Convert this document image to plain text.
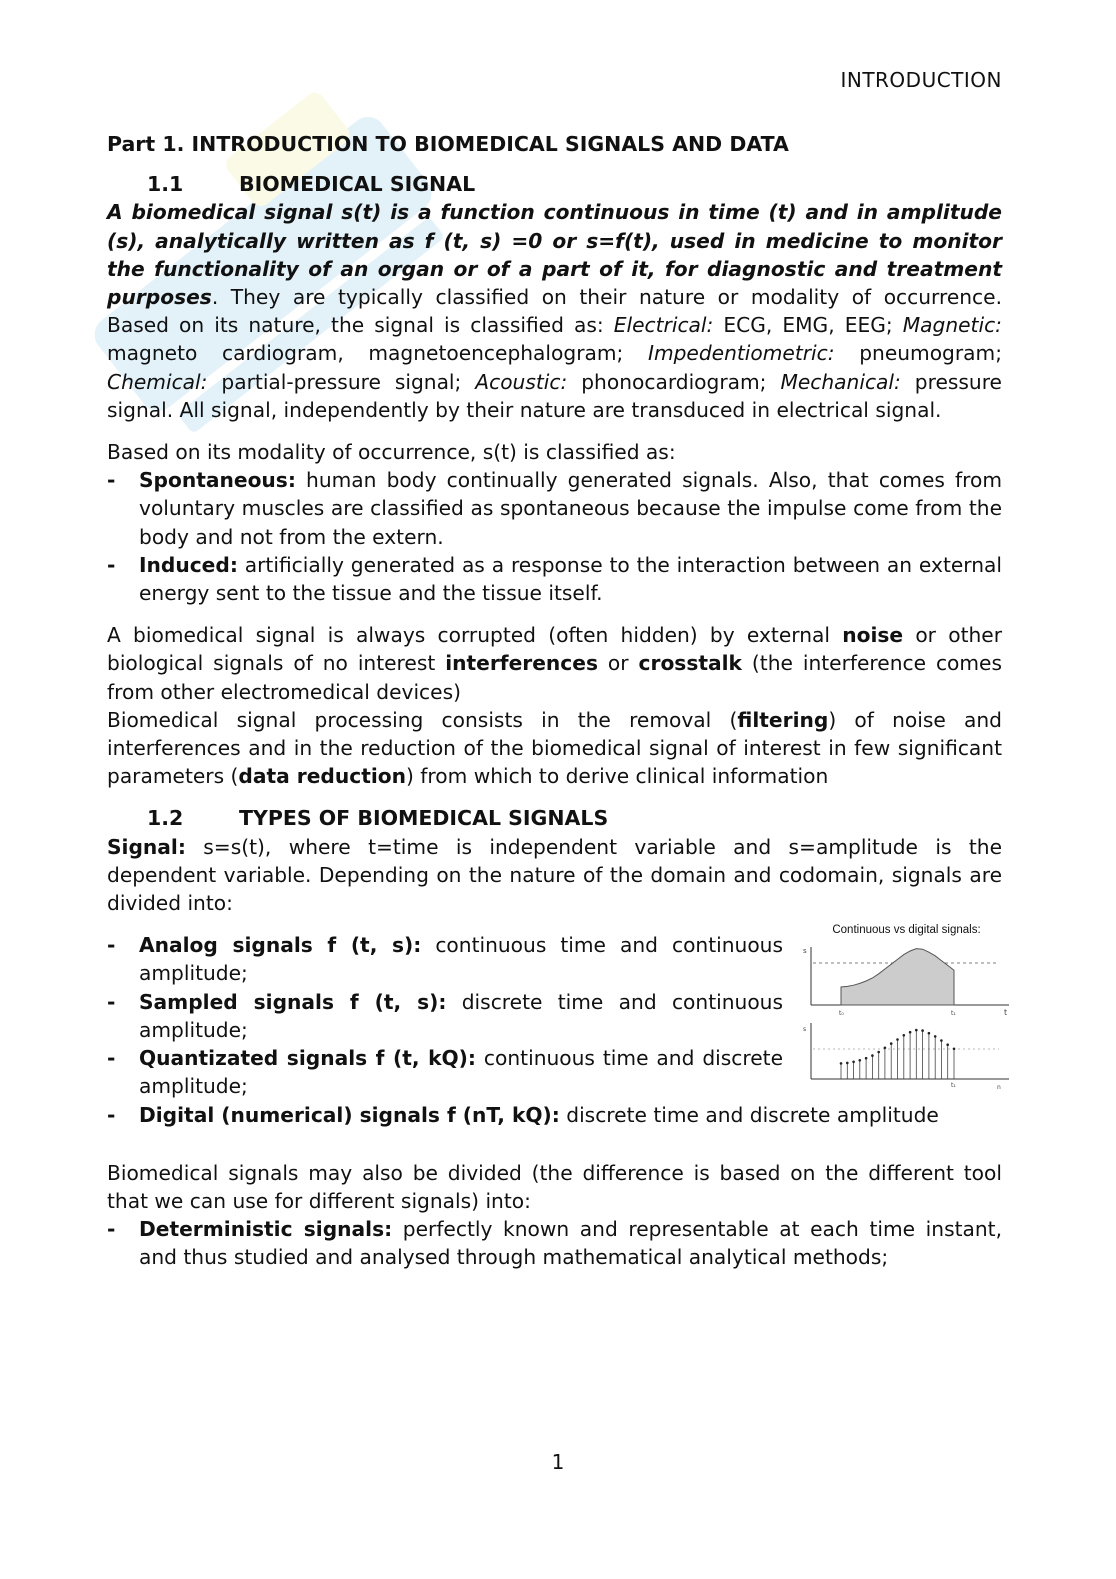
INTRODUCTION
Part 1. INTRODUCTION TO BIOMEDICAL SIGNALS AND DATA
1.1	BIOMEDICAL SIGNAL

A biomedical signal s(t) is a function continuous in time (t) and in amplitude (s), analytically written as f (t, s) =0 or s=f(t), used in medicine to monitor the functionality of an organ or of a part of it, for diagnostic and treatment purposes. They are typically classified on their nature or modality of occurrence. Based on its nature, the signal is classified as: Electrical: ECG, EMG, EEG; Magnetic: magneto cardiogram, magnetoencephalogram; Impedentiometric: pneumogram; Chemical: partial-pressure signal; Acoustic: phonocardiogram; Mechanical: pressure signal. All signal, independently by their nature are transduced in electrical signal.

Based on its modality of occurrence, s(t) is classified as:

- Spontaneous: human body continually generated signals. Also, that comes from voluntary muscles are classified as spontaneous because the impulse come from the body and not from the extern.
- Induced: artificially generated as a response to the interaction between an external energy sent to the tissue and the tissue itself.

A biomedical signal is always corrupted (often hidden) by external noise or other biological signals of no interest interferences or crosstalk (the interference comes from other electromedical devices)

Biomedical signal processing consists in the removal (filtering) of noise and interferences and in the reduction of the biomedical signal of interest in few significant parameters (data reduction) from which to derive clinical information

1.2	TYPES OF BIOMEDICAL SIGNALS

Signal: s=s(t), where t=time is independent variable and s=amplitude is the dependent variable. Depending on the nature of the domain and codomain, signals are divided into:

Continuous vs digital signals:
s
t
t₀	t₁
s
n
t₁
- Analog signals f (t, s): continuous time and continuous amplitude;
- Sampled signals f (t, s): discrete time and continuous amplitude;
- Quantizated signals f (t, kQ): continuous time and discrete amplitude;
- Digital (numerical) signals f (nT, kQ): discrete time and discrete amplitude

Biomedical signals may also be divided (the difference is based on the different tool that we can use for different signals) into:

- Deterministic signals: perfectly known and representable at each time instant, and thus studied and analysed through mathematical analytical methods;
1
